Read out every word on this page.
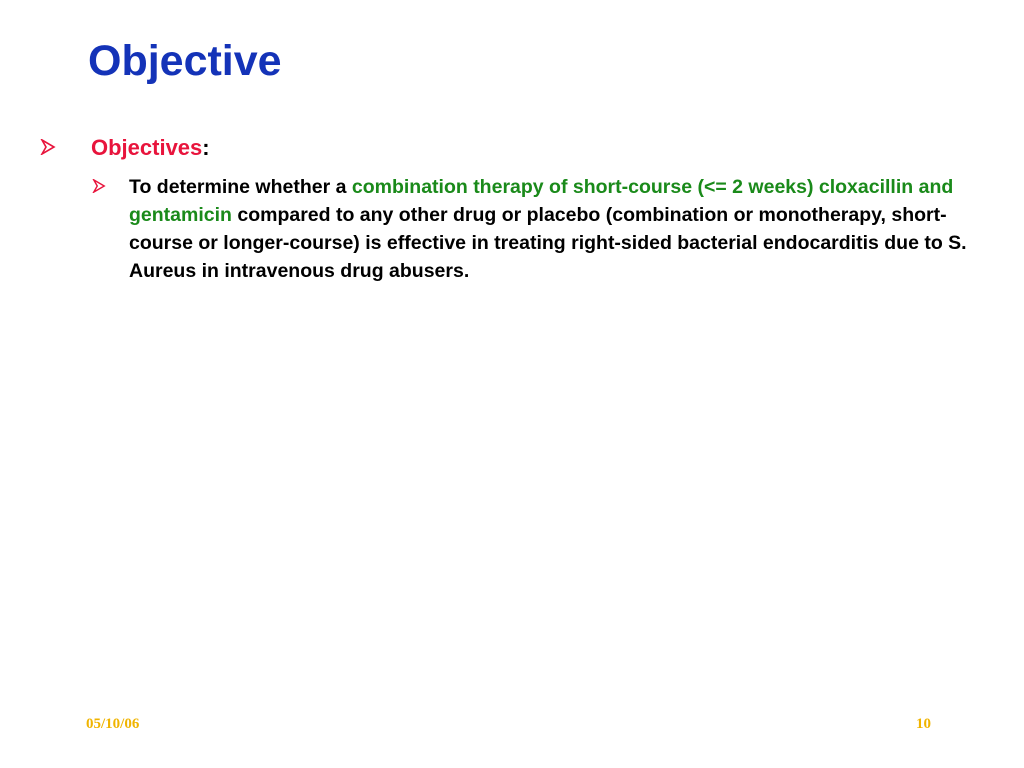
Objective
Objectives:
To determine whether a combination therapy of short-course (<= 2 weeks) cloxacillin and gentamicin compared to any other drug or placebo (combination or monotherapy, short-course or longer-course) is effective in treating right-sided bacterial endocarditis due to S. Aureus in intravenous drug abusers.
05/10/06	10
